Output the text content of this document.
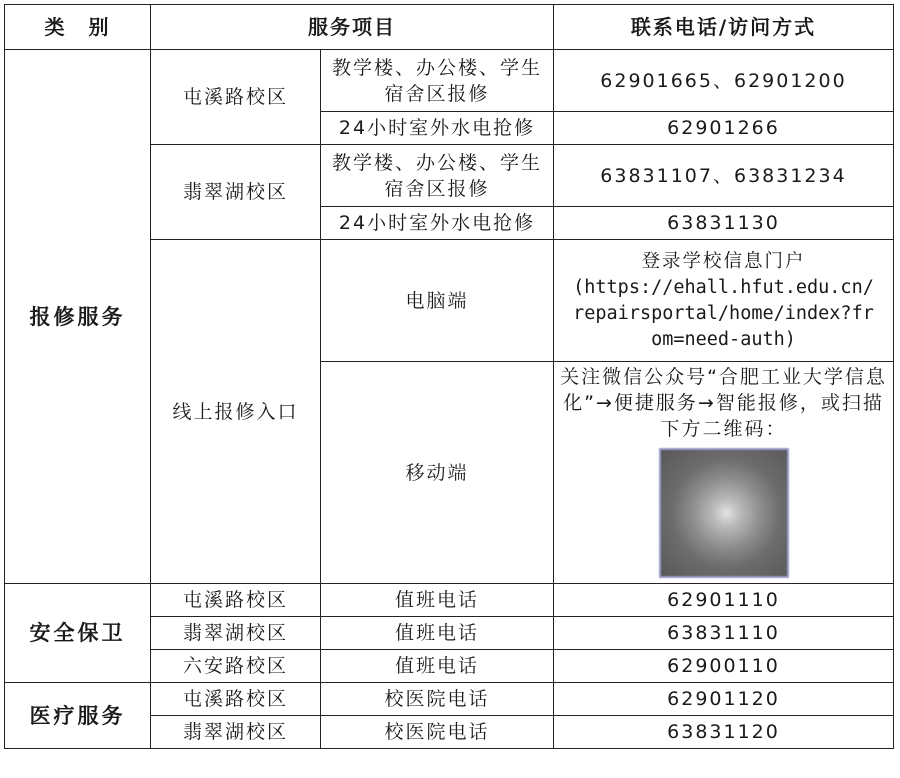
类　别	服务项目		联系电话/访问方式
报修服务	屯溪路校区	教学楼、办公楼、学生宿舍区报修	62901665、62901200
		24小时室外水电抢修	62901266
	翡翠湖校区	教学楼、办公楼、学生宿舍区报修	63831107、63831234
		24小时室外水电抢修	63831130
	线上报修入口	电脑端	登录学校信息门户
(https://ehall.hfut.edu.cn/
repairsportal/home/index?fr
om=need-auth)

		移动端	关注微信公众号“合肥工业大学信息化”→便捷服务→智能报修，或扫描下方二维码：

安全保卫	屯溪路校区	值班电话	62901110
	翡翠湖校区	值班电话	63831110
	六安路校区	值班电话	62900110
医疗服务	屯溪路校区	校医院电话	62901120
	翡翠湖校区	校医院电话	63831120
